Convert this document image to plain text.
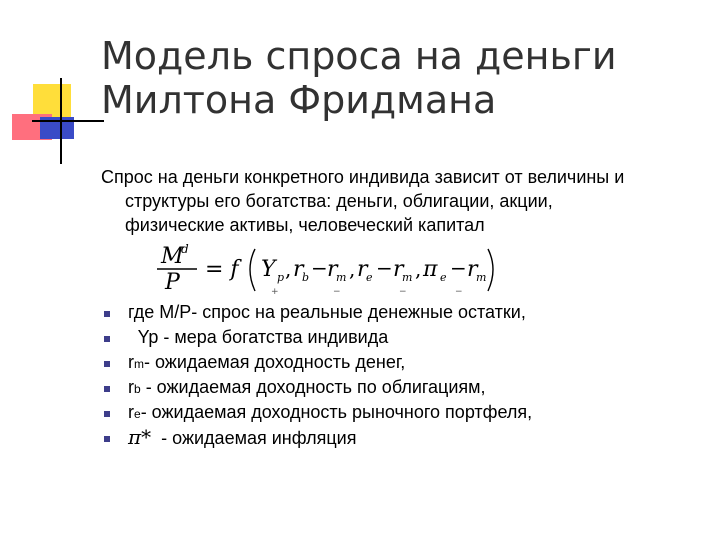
Модель спроса на деньги
Милтона Фридмана
Спрос на деньги конкретного индивида зависит от величины и
структуры его богатства: деньги, облигации, акции,
физические активы, человеческий капитал
M
d
P
= f Y p , r
b − r
m , r
e − r
m , π e − r
m
+	−	−	−
где M/P- спрос на реальные денежные остатки,
Yp - мера богатства индивида
rm- ожидаемая доходность денег,
rb - ожидаемая доходность по облигациям,
re- ожидаемая доходность рыночного портфеля,
π*  - ожидаемая инфляция
